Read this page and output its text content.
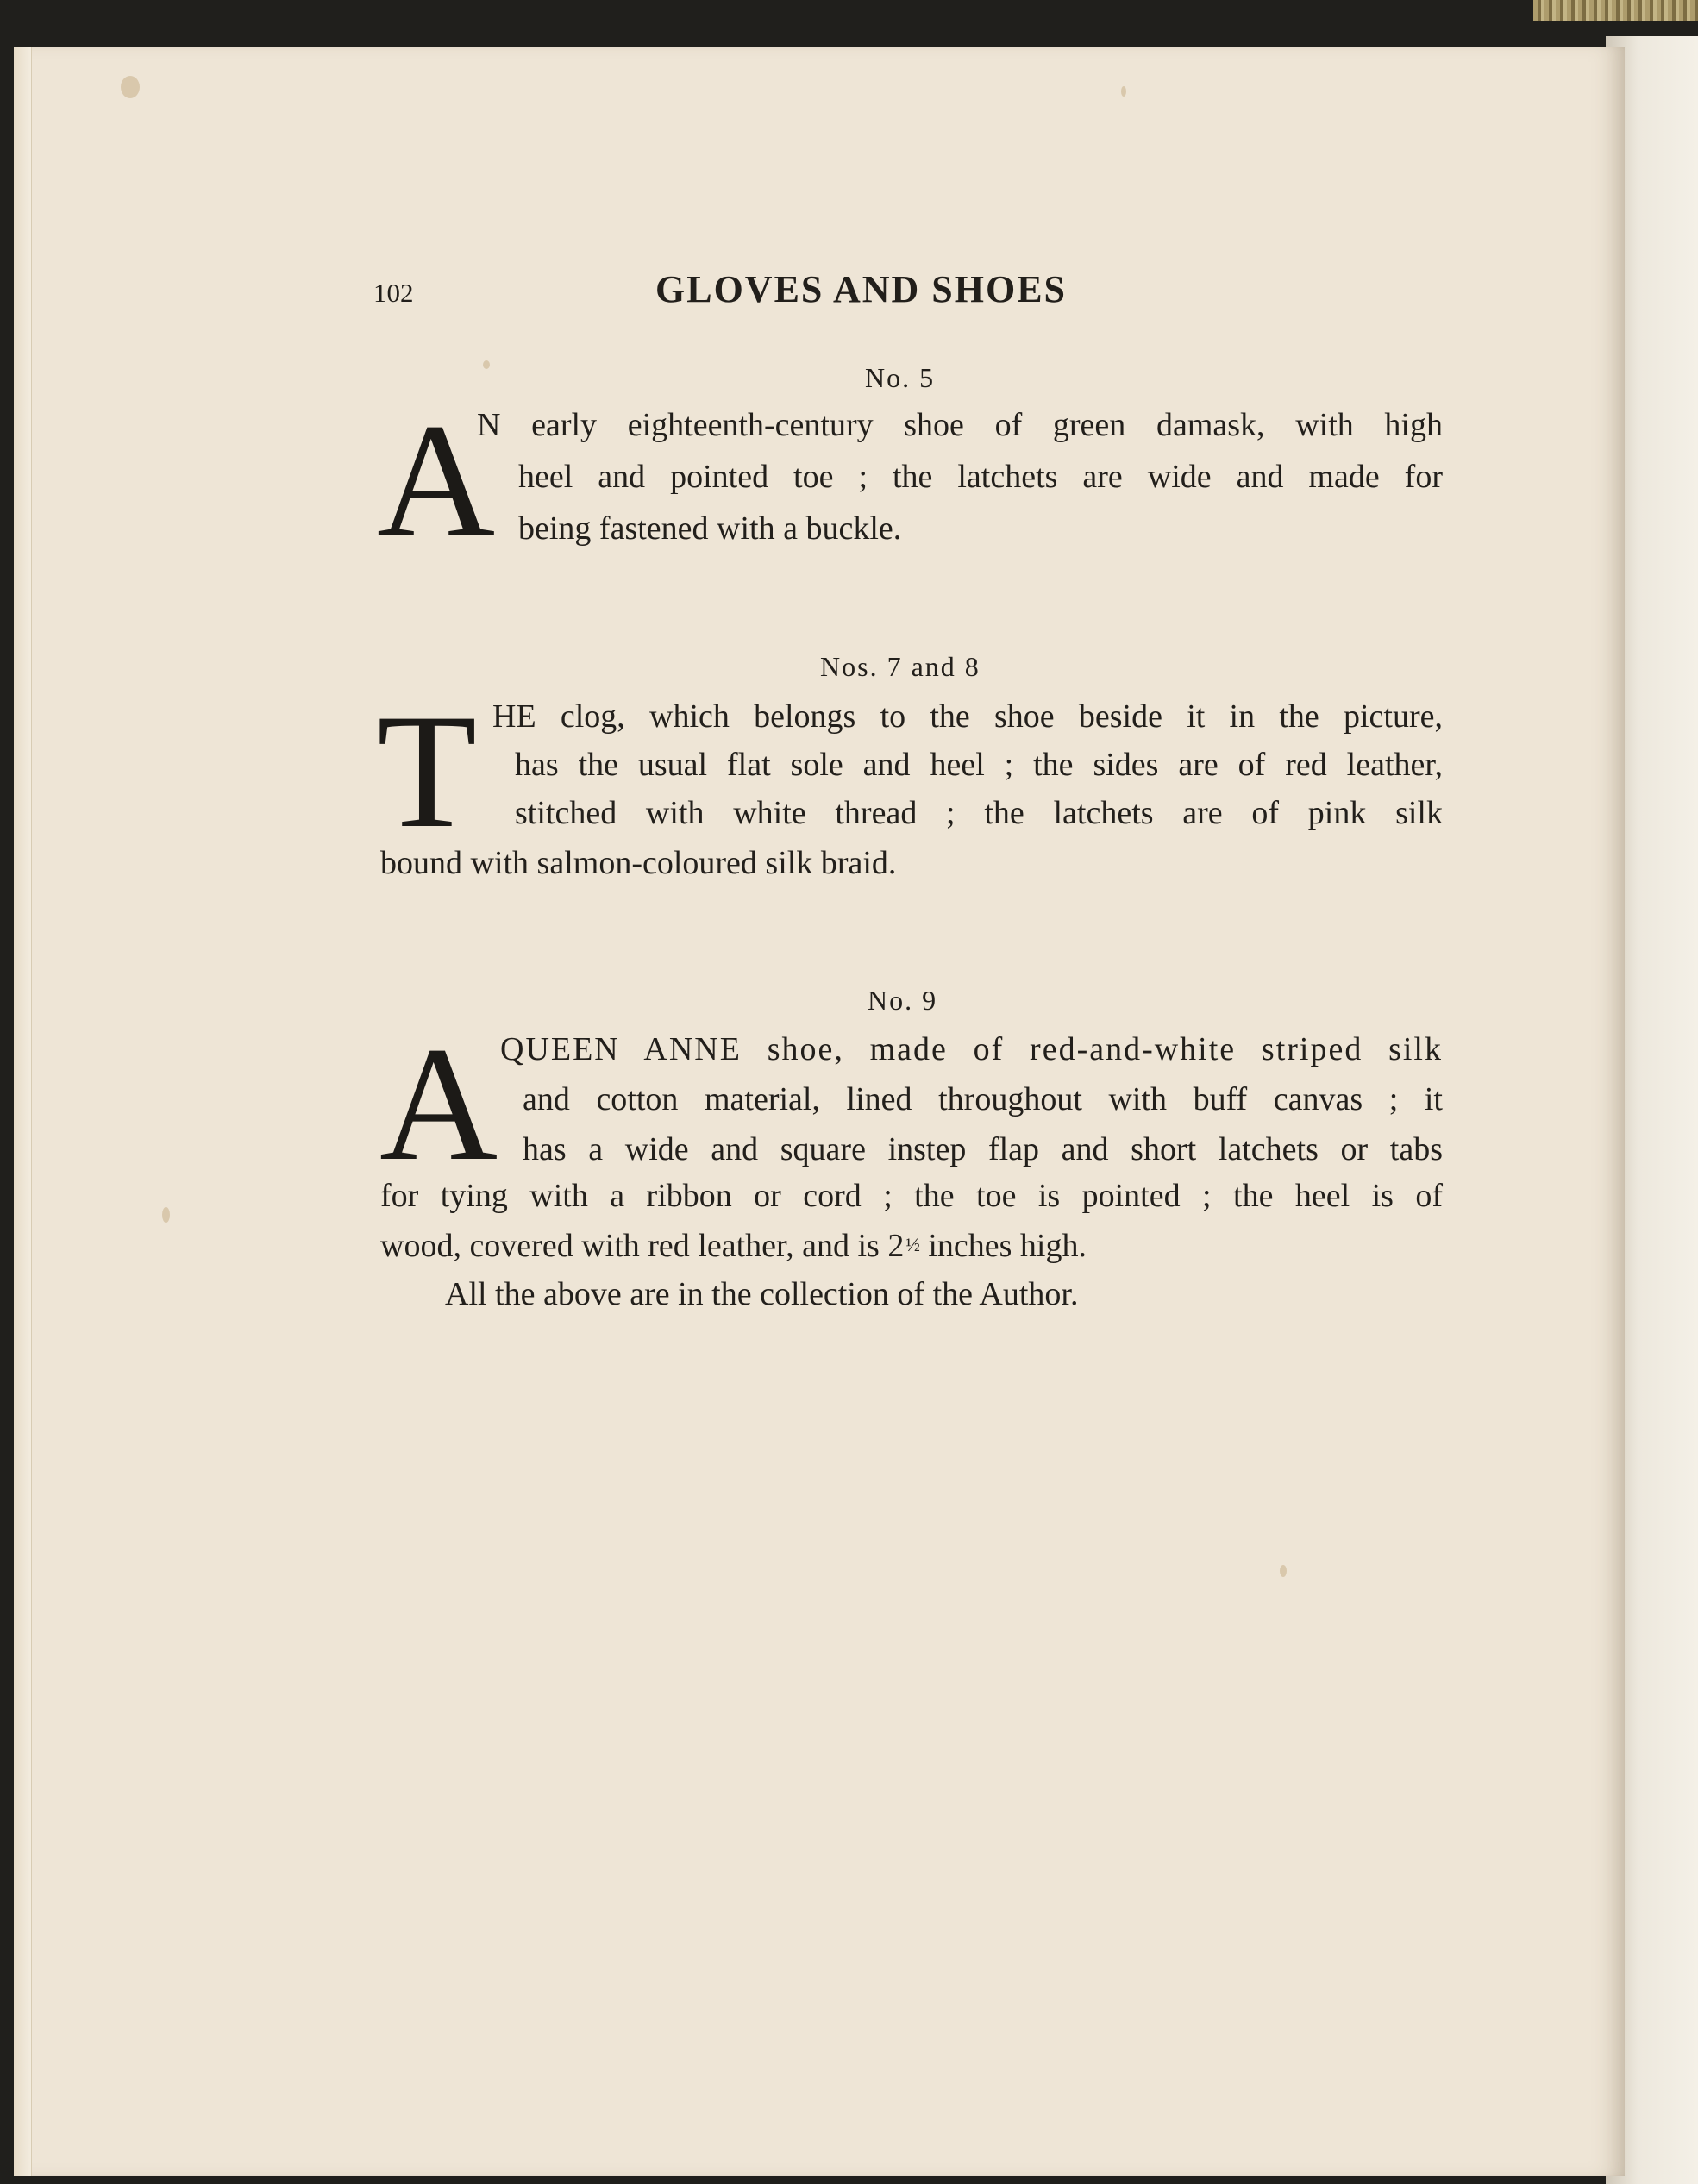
102	GLOVES AND SHOES
No. 5
A
N early eighteenth-century shoe of green damask, with high
heel and pointed toe ; the latchets are wide and made for
being fastened with a buckle.
Nos. 7 and 8
T HE clog, which belongs to the shoe beside it in the picture,
has the usual flat sole and heel ; the sides are of red leather,
stitched with white thread ; the latchets are of pink silk
bound with salmon-coloured silk braid.
No. 9
A QUEEN ANNE shoe, made of red-and-white striped silk
and cotton material, lined throughout with buff canvas ; it
has a wide and square instep flap and short latchets or tabs
for tying with a ribbon or cord ; the toe is pointed ; the heel is of
wood, covered with red leather, and is 2½ inches high.
All the above are in the collection of the Author.
